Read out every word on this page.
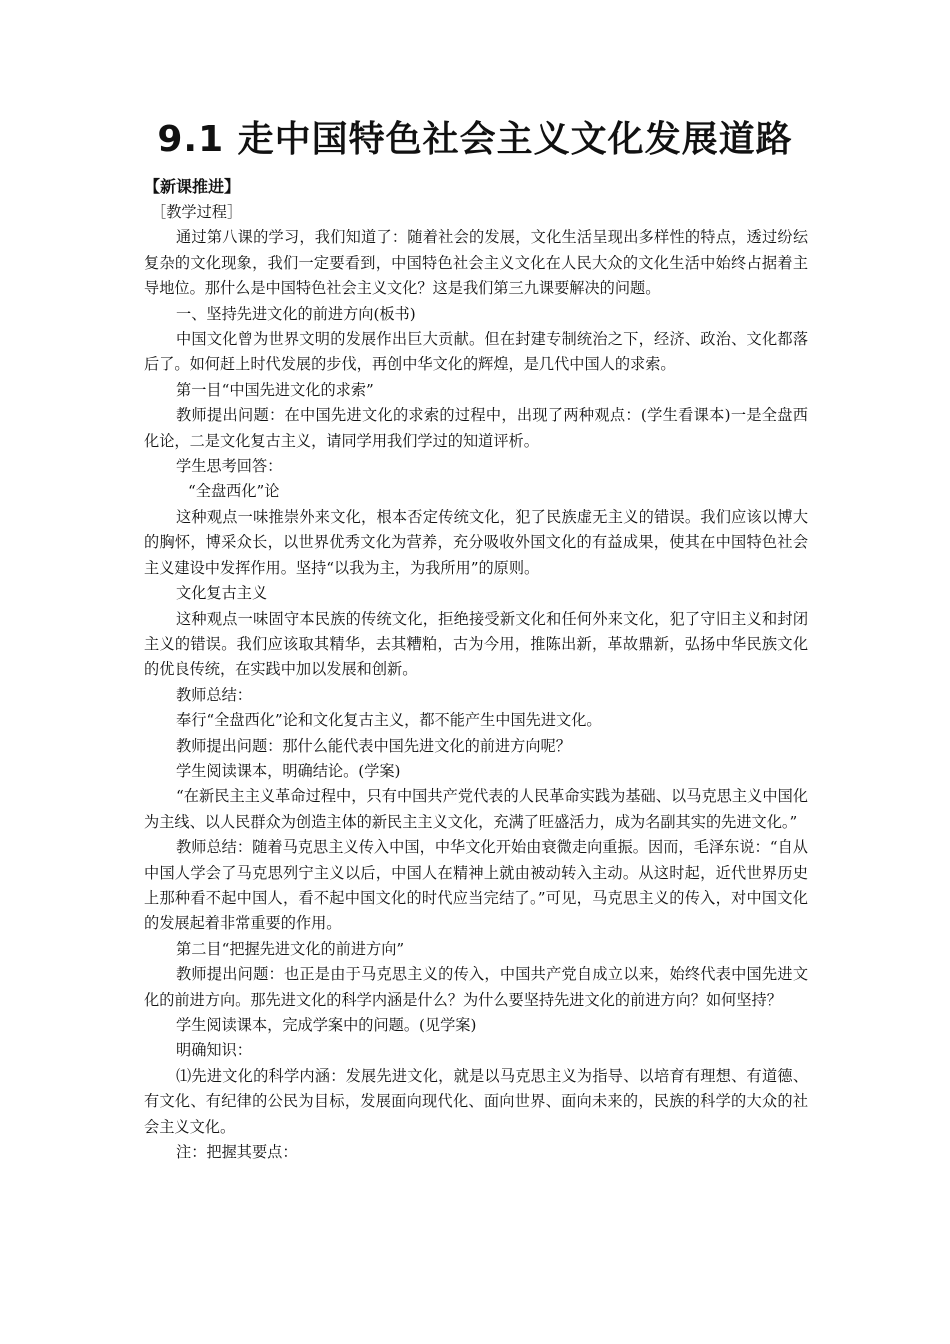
9.1 走中国特色社会主义文化发展道路
【新课推进】

［教学过程］

通过第八课的学习，我们知道了：随着社会的发展，文化生活呈现出多样性的特点，透过纷纭复杂的文化现象，我们一定要看到，中国特色社会主义文化在人民大众的文化生活中始终占据着主导地位。那什么是中国特色社会主义文化？这是我们第三九课要解决的问题。

一、坚持先进文化的前进方向(板书)

中国文化曾为世界文明的发展作出巨大贡献。但在封建专制统治之下，经济、政治、文化都落后了。如何赶上时代发展的步伐，再创中华文化的辉煌，是几代中国人的求索。

第一目“中国先进文化的求索”

教师提出问题：在中国先进文化的求索的过程中，出现了两种观点：(学生看课本)一是全盘西化论，二是文化复古主义，请同学用我们学过的知道评析。

学生思考回答：

“全盘西化”论

这种观点一味推崇外来文化，根本否定传统文化，犯了民族虚无主义的错误。我们应该以博大的胸怀，博采众长，以世界优秀文化为营养，充分吸收外国文化的有益成果，使其在中国特色社会主义建设中发挥作用。坚持“以我为主，为我所用”的原则。

文化复古主义

这种观点一味固守本民族的传统文化，拒绝接受新文化和任何外来文化，犯了守旧主义和封闭主义的错误。我们应该取其精华，去其糟粕，古为今用，推陈出新，革故鼎新，弘扬中华民族文化的优良传统，在实践中加以发展和创新。

教师总结：

奉行“全盘西化”论和文化复古主义，都不能产生中国先进文化。

教师提出问题：那什么能代表中国先进文化的前进方向呢？

学生阅读课本，明确结论。(学案)

“在新民主主义革命过程中，只有中国共产党代表的人民革命实践为基础、以马克思主义中国化为主线、以人民群众为创造主体的新民主主义文化，充满了旺盛活力，成为名副其实的先进文化。”

教师总结：随着马克思主义传入中国，中华文化开始由衰微走向重振。因而，毛泽东说：“自从中国人学会了马克思列宁主义以后，中国人在精神上就由被动转入主动。从这时起，近代世界历史上那种看不起中国人，看不起中国文化的时代应当完结了。”可见，马克思主义的传入，对中国文化的发展起着非常重要的作用。

第二目“把握先进文化的前进方向”

教师提出问题：也正是由于马克思主义的传入，中国共产党自成立以来，始终代表中国先进文化的前进方向。那先进文化的科学内涵是什么？为什么要坚持先进文化的前进方向？如何坚持？

学生阅读课本，完成学案中的问题。(见学案)

明确知识：

⑴先进文化的科学内涵：发展先进文化，就是以马克思主义为指导、以培育有理想、有道德、有文化、有纪律的公民为目标，发展面向现代化、面向世界、面向未来的，民族的科学的大众的社会主义文化。

注：把握其要点：
